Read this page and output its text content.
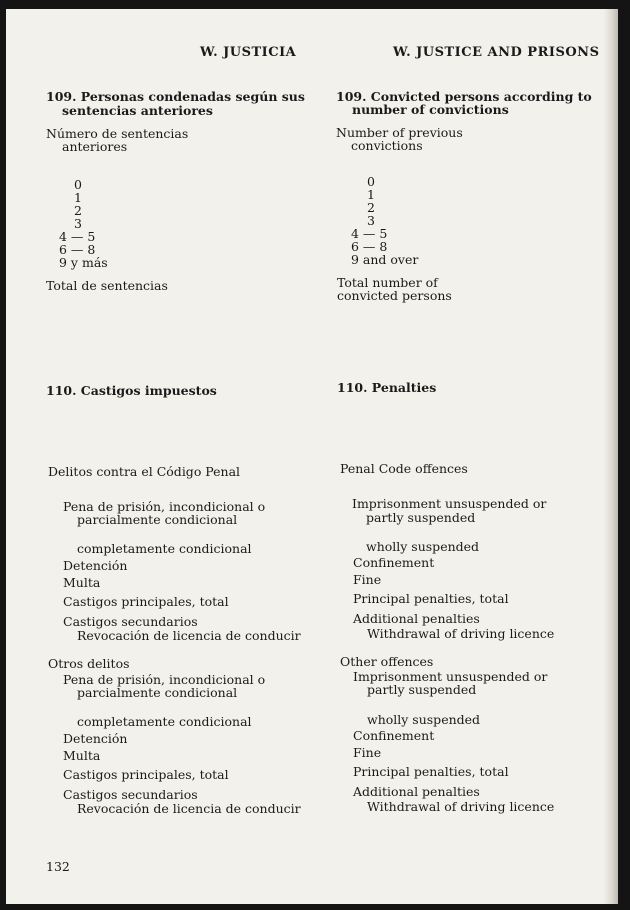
W. JUSTICIA	W. JUSTICE AND PRISONS
109. Personas condenadas según sus
sentencias anteriores
Número de sentencias
anteriores
0
1
2
3
4 — 5
6 — 8
9 y más
Total de sentencias
109. Convicted persons according to
number of convictions
Number of previous
convictions
0
1
2
3
4 — 5
6 — 8
9 and over
Total number of
convicted persons
110. Castigos impuestos	110. Penalties
Delitos contra el Código Penal
Pena de prisión, incondicional o
parcialmente condicional
completamente condicional
Detención
Multa
Castigos principales, total
Castigos secundarios
Revocación de licencia de conducir
Otros delitos
Pena de prisión, incondicional o
parcialmente condicional
completamente condicional
Detención
Multa
Castigos principales, total
Castigos secundarios
Revocación de licencia de conducir
Penal Code offences
Imprisonment unsuspended or
partly suspended
wholly suspended
Confinement
Fine
Principal penalties, total
Additional penalties
Withdrawal of driving licence
Other offences
Imprisonment unsuspended or
partly suspended
wholly suspended
Confinement
Fine
Principal penalties, total
Additional penalties
Withdrawal of driving licence
132
